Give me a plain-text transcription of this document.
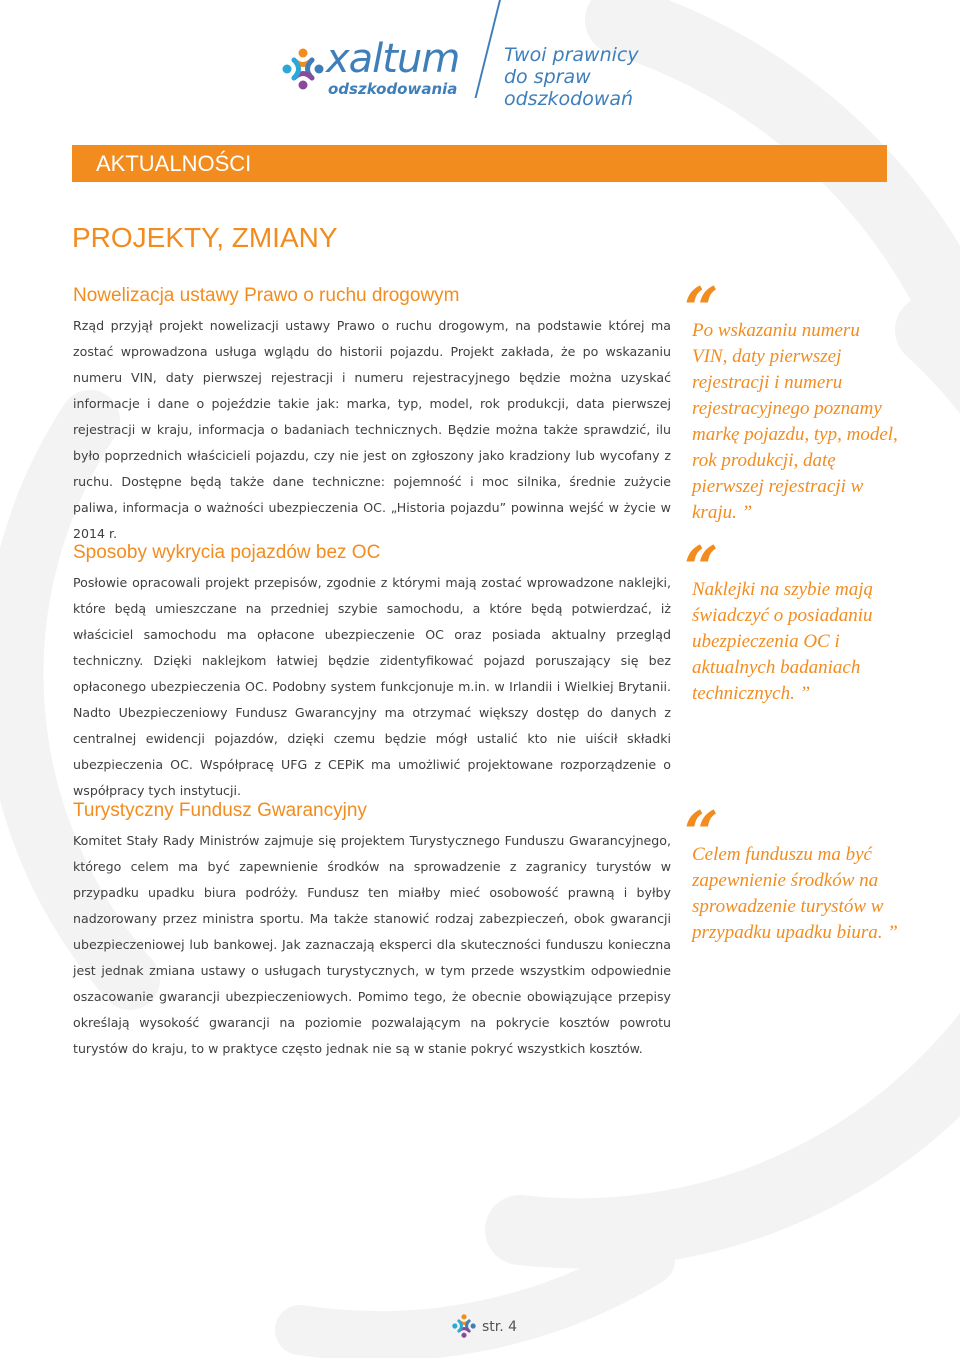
xaltum
odszkodowania
Twoi prawnicy
do spraw odszkodowań
AKTUALNOŚCI
PROJEKTY, ZMIANY
Nowelizacja ustawy Prawo o ruchu drogowym

Rząd przyjął projekt nowelizacji ustawy Prawo o ruchu drogowym, na podstawie której ma zostać wprowadzona usługa wglądu do historii pojazdu. Projekt zakłada, że po wskazaniu numeru VIN, daty pierwszej rejestracji i numeru rejestracyjnego będzie można uzyskać informacje i dane o pojeździe takie jak: marka, typ, model, rok produkcji, data pierwszej rejestracji w kraju, informacja o badaniach technicznych. Będzie można także sprawdzić, ilu było poprzednich właścicieli pojazdu, czy nie jest on zgłoszony jako kradziony lub wycofany z ruchu. Dostępne będą także dane techniczne: pojemność i moc silnika, średnie zużycie paliwa, informacja o ważności ubezpieczenia OC. „Historia pojazdu” powinna wejść w życie w 2014 r.

“
Po wskazaniu numeru VIN, daty pierwszej rejestracji i numeru rejestracyjnego poznamy markę pojazdu, typ, model, rok produkcji, datę pierwszej rejestracji w kraju. ”
Sposoby wykrycia pojazdów bez OC

Posłowie opracowali projekt przepisów, zgodnie z którymi mają zostać wprowadzone naklejki, które będą umieszczane na przedniej szybie samochodu, a które będą potwierdzać, iż właściciel samochodu ma opłacone ubezpieczenie OC oraz posiada aktualny przegląd techniczny. Dzięki naklejkom łatwiej będzie zidentyfikować pojazd poruszający się bez opłaconego ubezpieczenia OC. Podobny system funkcjonuje m.in. w Irlandii i Wielkiej Brytanii. Nadto Ubezpieczeniowy Fundusz Gwarancyjny ma otrzymać większy dostęp do danych z centralnej ewidencji pojazdów, dzięki czemu będzie mógł ustalić kto nie uiścił składki ubezpieczenia OC. Współpracę UFG z CEPiK ma umożliwić projektowane rozporządzenie o współpracy tych instytucji.

“
Naklejki na szybie mają świadczyć o posiadaniu ubezpieczenia OC i aktualnych badaniach technicznych. ”
Turystyczny Fundusz Gwarancyjny

Komitet Stały Rady Ministrów zajmuje się projektem Turystycznego Funduszu Gwarancyjnego, którego celem ma być zapewnienie środków na sprowadzenie z zagranicy turystów w przypadku upadku biura podróży. Fundusz ten miałby mieć osobowość prawną i byłby nadzorowany przez ministra sportu. Ma także stanowić rodzaj zabezpieczeń, obok gwarancji ubezpieczeniowej lub bankowej. Jak zaznaczają eksperci dla skuteczności funduszu konieczna jest jednak zmiana ustawy o usługach turystycznych, w tym przede wszystkim odpowiednie oszacowanie gwarancji ubezpieczeniowych. Pomimo tego, że obecnie obowiązujące przepisy określają wysokość gwarancji na poziomie pozwalającym na pokrycie kosztów powrotu turystów do kraju, to w praktyce często jednak nie są w stanie pokryć wszystkich kosztów.

“
Celem funduszu ma być zapewnienie środków na sprowadzenie turystów w przypadku upadku biura. ”
str. 4
